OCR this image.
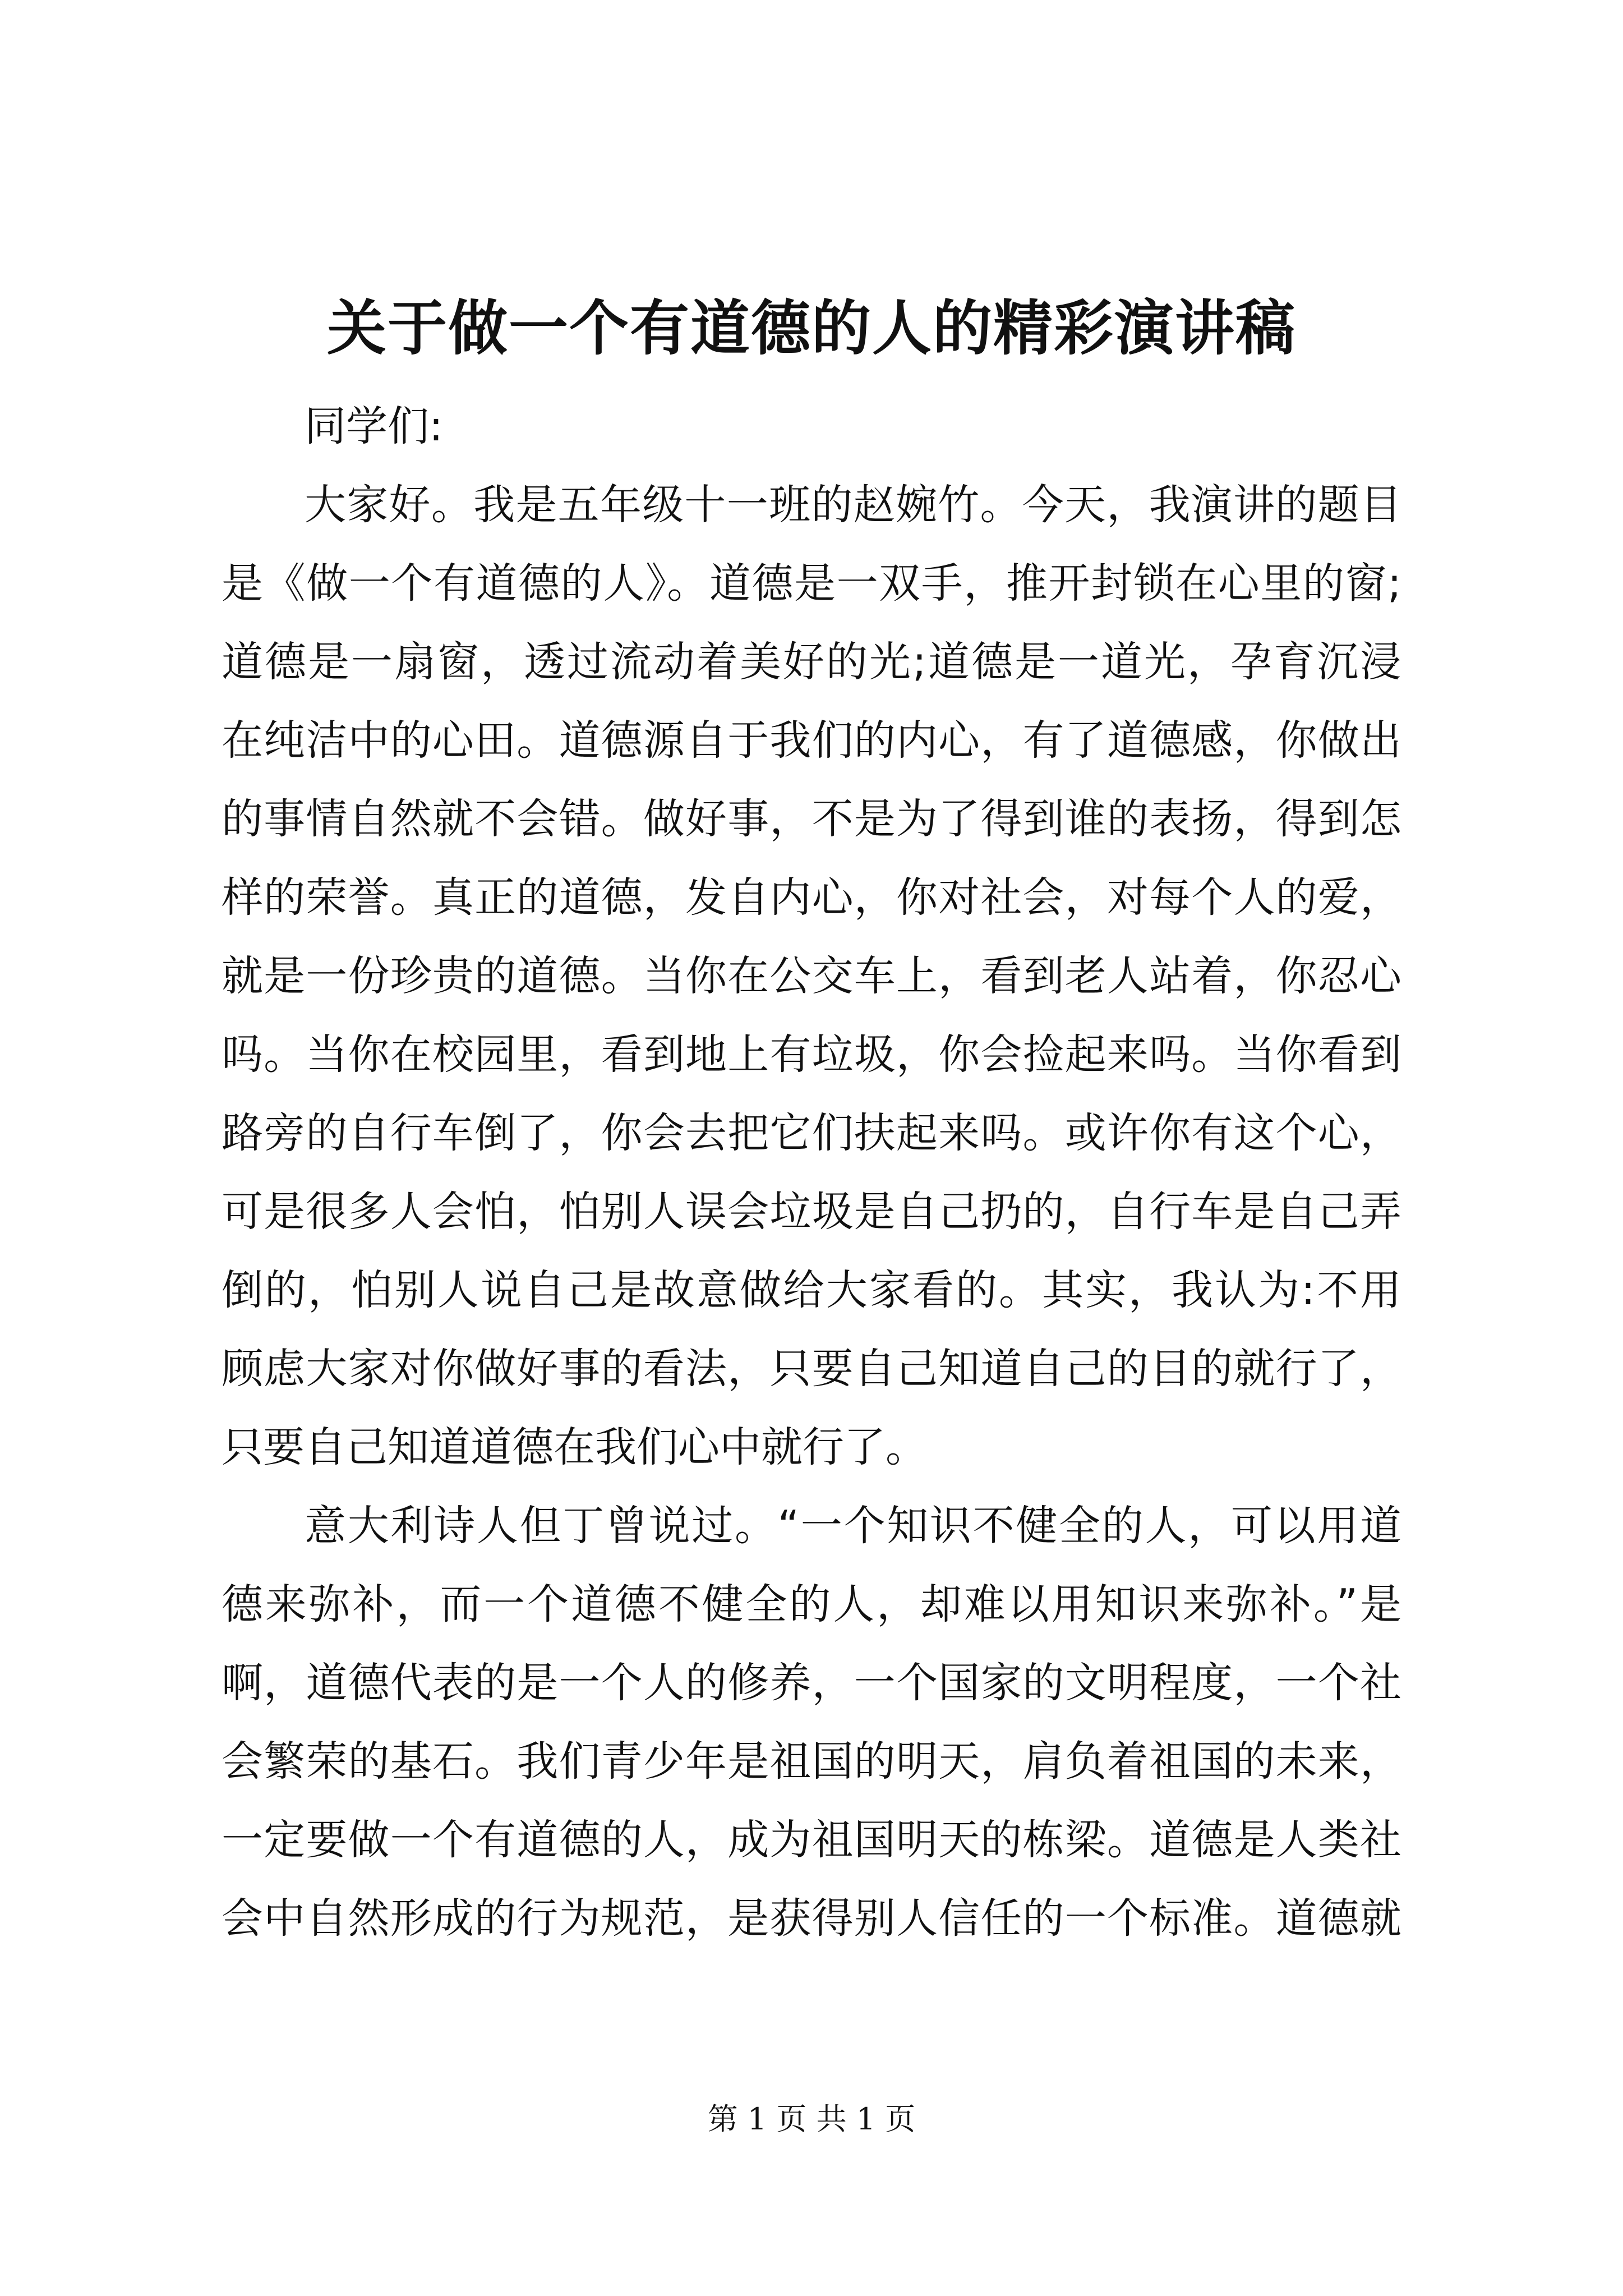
关于做一个有道德的人的精彩演讲稿
同学们:
大家好。我是五年级十一班的赵婉竹。今天，我演讲的题目
是《做一个有道德的人》。道德是一双手，推开封锁在心里的窗;
道德是一扇窗，透过流动着美好的光;道德是一道光，孕育沉浸
在纯洁中的心田。道德源自于我们的内心，有了道德感，你做出
的事情自然就不会错。做好事，不是为了得到谁的表扬，得到怎
样的荣誉。真正的道德，发自内心，你对社会，对每个人的爱，
就是一份珍贵的道德。当你在公交车上，看到老人站着，你忍心
吗。当你在校园里，看到地上有垃圾，你会捡起来吗。当你看到
路旁的自行车倒了，你会去把它们扶起来吗。或许你有这个心，
可是很多人会怕，怕别人误会垃圾是自己扔的，自行车是自己弄
倒的，怕别人说自己是故意做给大家看的。其实，我认为:不用
顾虑大家对你做好事的看法，只要自己知道自己的目的就行了，
只要自己知道道德在我们心中就行了。
意大利诗人但丁曾说过。“一个知识不健全的人，可以用道
德来弥补，而一个道德不健全的人，却难以用知识来弥补。”是
啊，道德代表的是一个人的修养，一个国家的文明程度，一个社
会繁荣的基石。我们青少年是祖国的明天，肩负着祖国的未来，
一定要做一个有道德的人，成为祖国明天的栋梁。道德是人类社
会中自然形成的行为规范，是获得别人信任的一个标准。道德就
第 1 页 共 1 页
